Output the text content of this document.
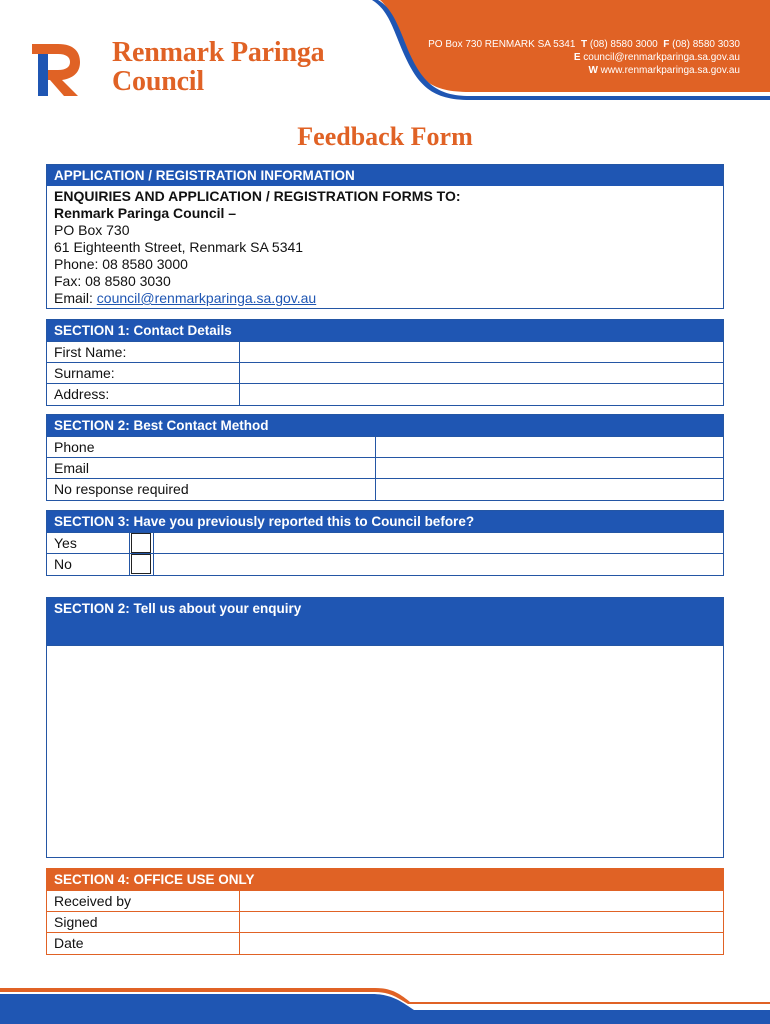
Renmark Paringa
Council
PO Box 730 RENMARK SA 5341 T (08) 8580 3000 F (08) 8580 3030
E council@renmarkparinga.sa.gov.au
W www.renmarkparinga.sa.gov.au
Feedback Form
APPLICATION / REGISTRATION INFORMATION
ENQUIRIES AND APPLICATION / REGISTRATION FORMS TO:
Renmark Paringa Council –
PO Box 730
61 Eighteenth Street, Renmark SA 5341
Phone: 08 8580 3000
Fax: 08 8580 3030
Email: council@renmarkparinga.sa.gov.au
SECTION 1: Contact Details
First Name:	
Surname:	
Address:	
SECTION 2: Best Contact Method
Phone	
Email	
No response required	
SECTION 3: Have you previously reported this to Council before?
Yes	

No	

SECTION 2: Tell us about your enquiry
SECTION 4: OFFICE USE ONLY
Received by	
Signed	
Date	
